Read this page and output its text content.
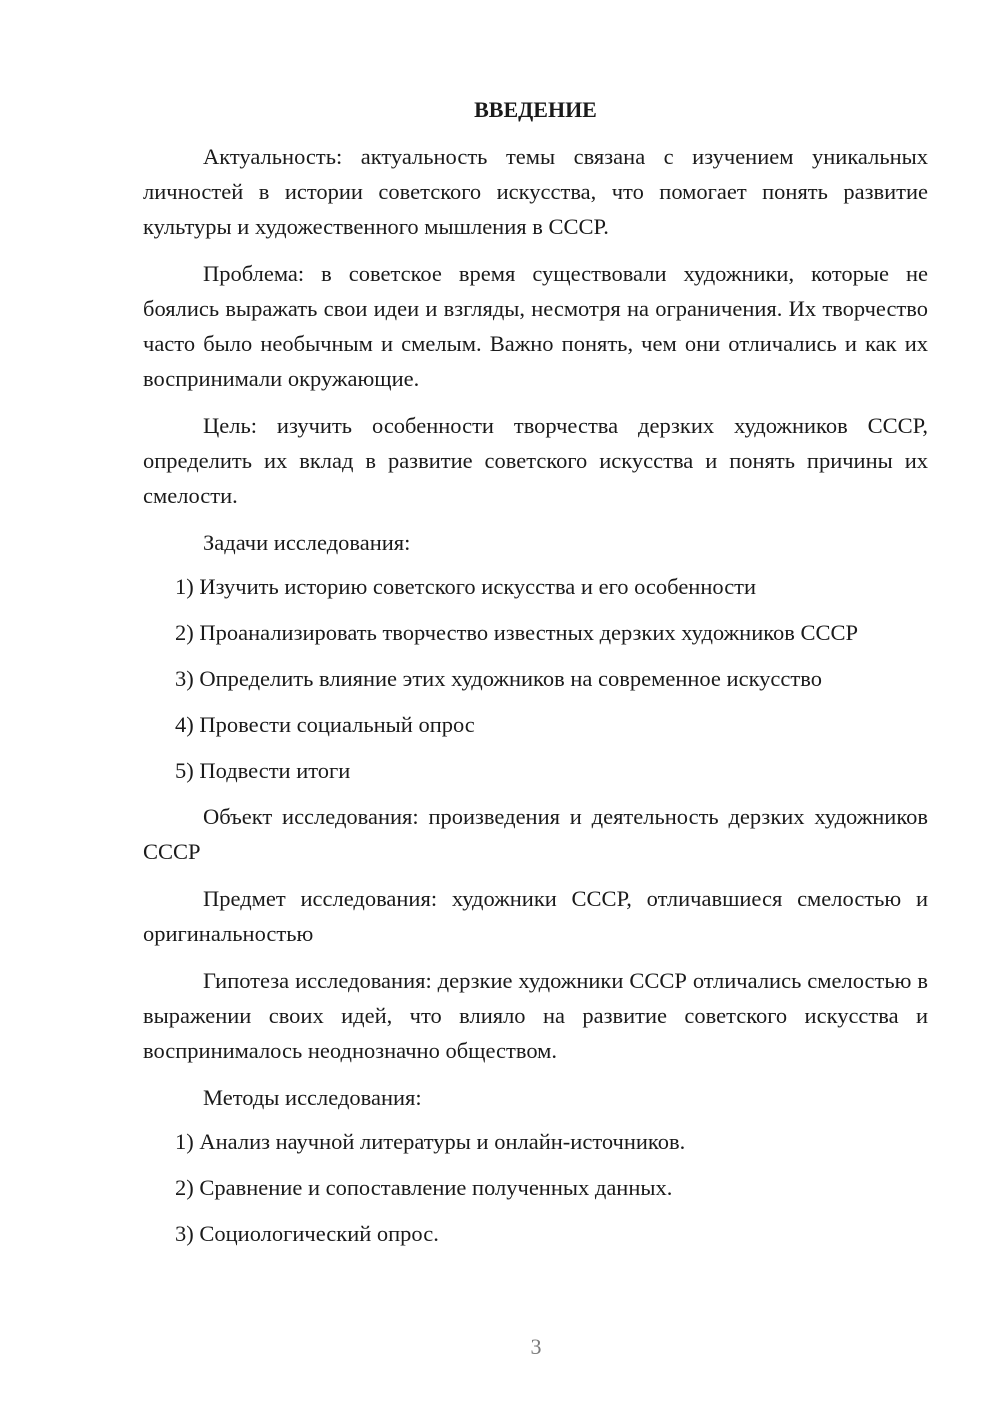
ВВЕДЕНИЕ

Актуальность: актуальность темы связана с изучением уникальных личностей в истории советского искусства, что помогает понять развитие культуры и художественного мышления в СССР.

Проблема: в советское время существовали художники, которые не боялись выражать свои идеи и взгляды, несмотря на ограничения. Их творчество часто было необычным и смелым. Важно понять, чем они отличались и как их воспринимали окружающие.

Цель: изучить особенности творчества дерзких художников СССР, определить их вклад в развитие советского искусства и понять причины их смелости.

Задачи исследования:

1) Изучить историю советского искусства и его особенности

2) Проанализировать творчество известных дерзких художников СССР

3) Определить влияние этих художников на современное искусство

4) Провести социальный опрос

5) Подвести итоги

Объект исследования: произведения и деятельность дерзких художников СССР

Предмет исследования: художники СССР, отличавшиеся смелостью и оригинальностью

Гипотеза исследования: дерзкие художники СССР отличались смелостью в выражении своих идей, что влияло на развитие советского искусства и воспринималось неоднозначно обществом.

Методы исследования:

1) Анализ научной литературы и онлайн-источников.

2) Сравнение и сопоставление полученных данных.

3) Социологический опрос.

3
